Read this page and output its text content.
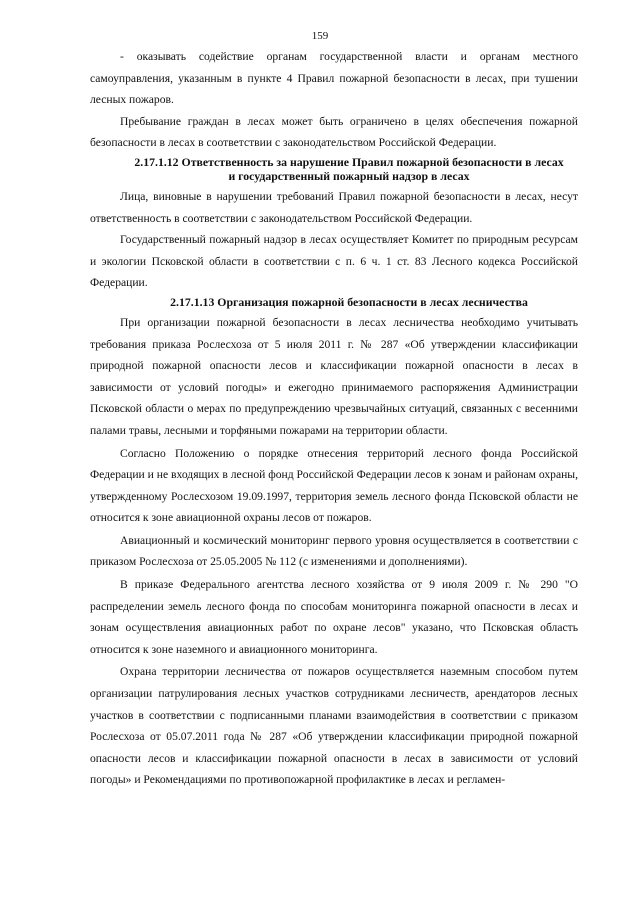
159

- оказывать содействие органам государственной власти и органам местного самоуправления, указанным в пункте 4 Правил пожарной безопасности в лесах, при тушении лесных пожаров.

Пребывание граждан в лесах может быть ограничено в целях обеспечения пожарной безопасности в лесах в соответствии с законодательством Российской Федерации.

2.17.1.12 Ответственность за нарушение Правил пожарной безопасности в лесах
и государственный пожарный надзор в лесах

Лица, виновные в нарушении требований Правил пожарной безопасности в лесах, несут ответственность в соответствии с законодательством Российской Федерации.

Государственный пожарный надзор в лесах осуществляет Комитет по природным ресурсам и экологии Псковской области в соответствии с п. 6 ч. 1 ст. 83 Лесного кодекса Российской Федерации.

2.17.1.13 Организация пожарной безопасности в лесах лесничества

При организации пожарной безопасности в лесах лесничества необходимо учитывать требования приказа Рослесхоза от 5 июля 2011 г. № 287 «Об утверждении классификации природной пожарной опасности лесов и классификации пожарной опасности в лесах в зависимости от условий погоды» и ежегодно принимаемого распоряжения Администрации Псковской области о мерах по предупреждению чрезвычайных ситуаций, связанных с весенними палами травы, лесными и торфяными пожарами на территории области.

Согласно Положению о порядке отнесения территорий лесного фонда Российской Федерации и не входящих в лесной фонд Российской Федерации лесов к зонам и районам охраны, утвержденному Рослесхозом 19.09.1997, территория земель лесного фонда Псковской области не относится к зоне авиационной охраны лесов от пожаров.

Авиационный и космический мониторинг первого уровня осуществляется в соответствии с приказом Рослесхоза от 25.05.2005 № 112 (с изменениями и дополнениями).

В приказе Федерального агентства лесного хозяйства от 9 июля 2009 г. № 290 "О распределении земель лесного фонда по способам мониторинга пожарной опасности в лесах и зонам осуществления авиационных работ по охране лесов" указано, что Псковская область относится к зоне наземного и авиационного мониторинга.

Охрана территории лесничества от пожаров осуществляется наземным способом путем организации патрулирования лесных участков сотрудниками лесничеств, арендаторов лесных участков в соответствии с подписанными планами взаимодействия в соответствии с приказом Рослесхоза от 05.07.2011 года № 287 «Об утверждении классификации природной пожарной опасности лесов и классификации пожарной опасности в лесах в зависимости от условий погоды» и Рекомендациями по противопожарной профилактике в лесах и регламен-
